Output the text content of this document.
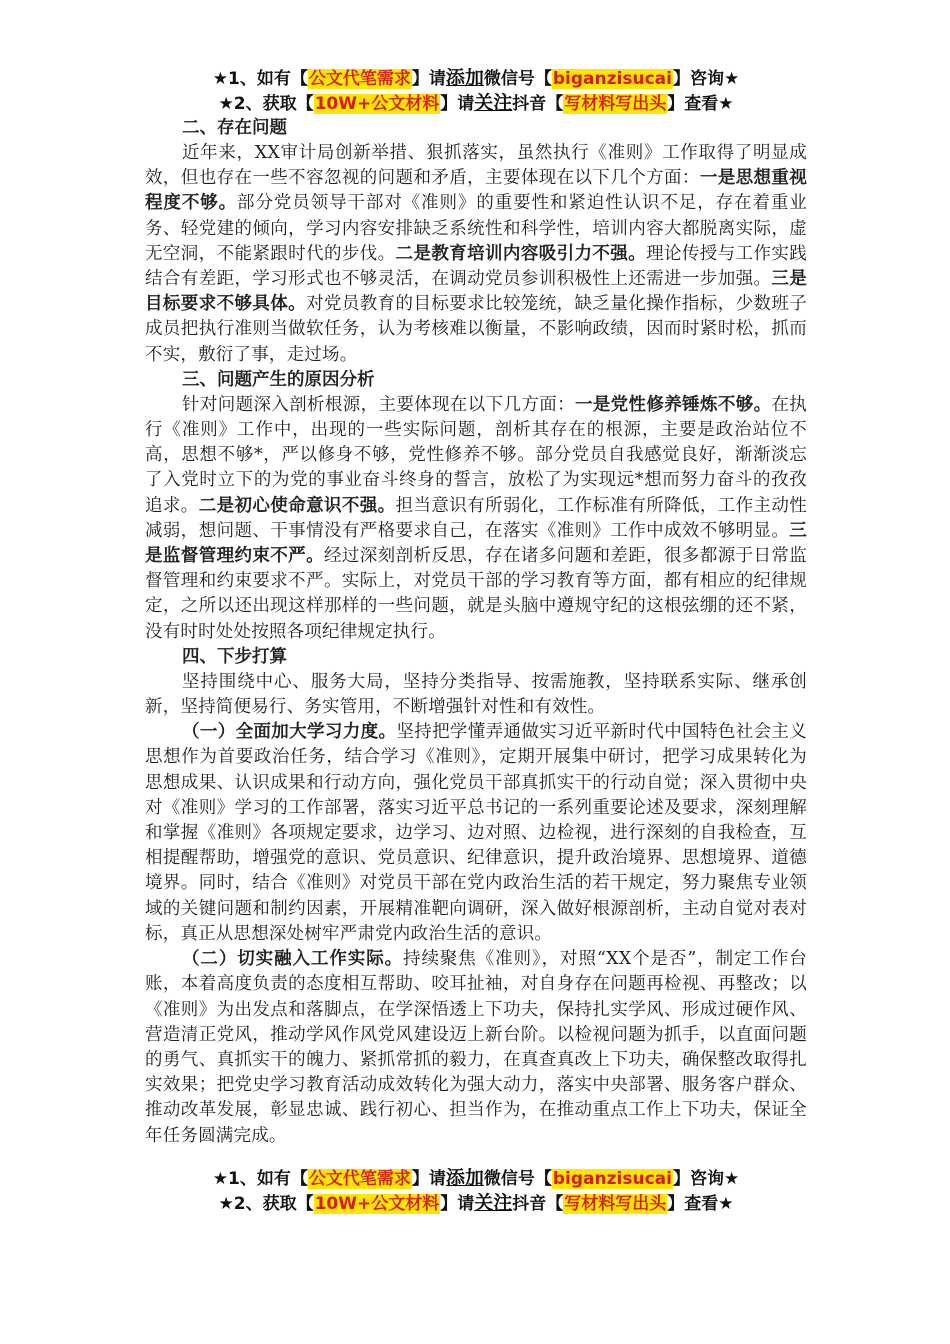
★1、如有【公文代笔需求】请添加微信号【biganzisucai】咨询★
★2、获取【10W+公文材料】请关注抖音【写材料写出头】查看★
二、存在问题

近年来，XX审计局创新举措、狠抓落实，虽然执行《准则》工作取得了明显成效，但也存在一些不容忽视的问题和矛盾，主要体现在以下几个方面：一是思想重视程度不够。部分党员领导干部对《准则》的重要性和紧迫性认识不足，存在着重业务、轻党建的倾向，学习内容安排缺乏系统性和科学性，培训内容大都脱离实际，虚无空洞，不能紧跟时代的步伐。二是教育培训内容吸引力不强。理论传授与工作实践结合有差距，学习形式也不够灵活，在调动党员参训积极性上还需进一步加强。三是目标要求不够具体。对党员教育的目标要求比较笼统，缺乏量化操作指标，少数班子成员把执行准则当做软任务，认为考核难以衡量，不影响政绩，因而时紧时松，抓而不实，敷衍了事，走过场。

三、问题产生的原因分析

针对问题深入剖析根源，主要体现在以下几方面：一是党性修养锤炼不够。在执行《准则》工作中，出现的一些实际问题，剖析其存在的根源，主要是政治站位不高，思想不够*，严以修身不够，党性修养不够。部分党员自我感觉良好，渐渐淡忘了入党时立下的为党的事业奋斗终身的誓言，放松了为实现远*想而努力奋斗的孜孜追求。二是初心使命意识不强。担当意识有所弱化，工作标准有所降低，工作主动性减弱，想问题、干事情没有严格要求自己，在落实《准则》工作中成效不够明显。三是监督管理约束不严。经过深刻剖析反思，存在诸多问题和差距，很多都源于日常监督管理和约束要求不严。实际上，对党员干部的学习教育等方面，都有相应的纪律规定，之所以还出现这样那样的一些问题，就是头脑中遵规守纪的这根弦绷的还不紧，没有时时处处按照各项纪律规定执行。

四、下步打算

坚持围绕中心、服务大局，坚持分类指导、按需施教，坚持联系实际、继承创新，坚持简便易行、务实管用，不断增强针对性和有效性。

（一）全面加大学习力度。坚持把学懂弄通做实习近平新时代中国特色社会主义思想作为首要政治任务，结合学习《准则》，定期开展集中研讨，把学习成果转化为思想成果、认识成果和行动方向，强化党员干部真抓实干的行动自觉；深入贯彻中央对《准则》学习的工作部署，落实习近平总书记的一系列重要论述及要求，深刻理解和掌握《准则》各项规定要求，边学习、边对照、边检视，进行深刻的自我检查，互相提醒帮助，增强党的意识、党员意识、纪律意识，提升政治境界、思想境界、道德境界。同时，结合《准则》对党员干部在党内政治生活的若干规定，努力聚焦专业领域的关键问题和制约因素，开展精准靶向调研，深入做好根源剖析，主动自觉对表对标，真正从思想深处树牢严肃党内政治生活的意识。

（二）切实融入工作实际。持续聚焦《准则》，对照“XX个是否”，制定工作台账，本着高度负责的态度相互帮助、咬耳扯袖，对自身存在问题再检视、再整改；以《准则》为出发点和落脚点，在学深悟透上下功夫，保持扎实学风、形成过硬作风、营造清正党风，推动学风作风党风建设迈上新台阶。以检视问题为抓手，以直面问题的勇气、真抓实干的魄力、紧抓常抓的毅力，在真查真改上下功夫，确保整改取得扎实效果；把党史学习教育活动成效转化为强大动力，落实中央部署、服务客户群众、推动改革发展，彰显忠诚、践行初心、担当作为，在推动重点工作上下功夫，保证全年任务圆满完成。

★1、如有【公文代笔需求】请添加微信号【biganzisucai】咨询★
★2、获取【10W+公文材料】请关注抖音【写材料写出头】查看★
